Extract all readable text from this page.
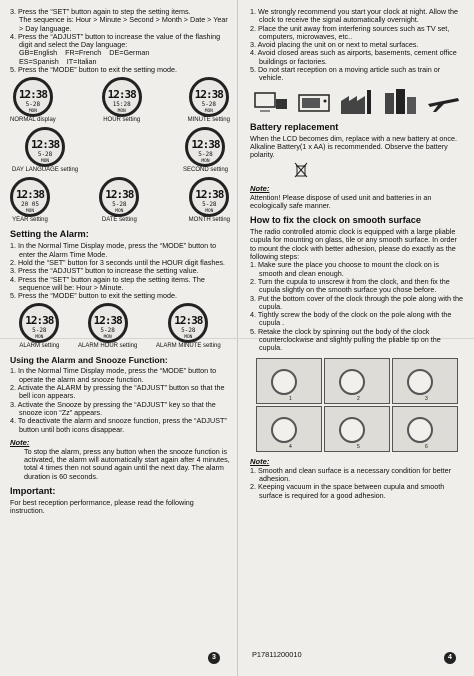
3. Press the “SET” button again to step the setting items.

The sequence is: Hour > Minute > Second > Month > Date > Year > Day language.

4. Press the “ADJUST” button to increase the value of the flashing digit and select the Day language:

GB=English    FR=French    DE=German

ES=Spanish    IT=Italian

5. Press the “MODE” button to exit the setting mode.

12:38
5-28
MON
NORMAL display
12:38
15:28
MON
HOUR setting
12:38
5-28
MON
MINUTE setting
12:38
5-28
MON
DAY LANGUAGE setting
12:38
5-28
MON
SECOND setting
12:38
20 05
MON
YEAR setting
12:38
5-28
MON
DATE setting
12:38
5-28
MON
MONTH setting
Setting the Alarm:

1. In the Normal Time Display mode, press the “MODE” button to enter the Alarm Time Mode.

2. Hold the “SET” button for 3 seconds until the HOUR digit flashes.

3. Press the “ADJUST” button to increase the setting value.

4. Press the “SET” button again to step the setting items. The sequence will be: Hour > Minute.

5. Press the “MODE” button to exit the setting mode.

12:38
5-28
MON
ALARM setting
12:38
5-28
MON
ALARM HOUR setting
12:38
5-28
MON
ALARM MINUTE setting
Using the Alarm and Snooze Function:

1. In the Normal Time Display mode, press the “MODE” button to operate the alarm and snooze function.

2. Activate the ALARM by pressing the “ADJUST” button so that the bell icon appears.

3. Activate the Snooze by pressing the “ADJUST” key so that the snooze icon “Zz” appears.

4. To deactivate the alarm and snooze function, press the “ADJUST” button until both icons disappear.

Note:

To stop the alarm, press any button when the snooze function is activated, the alarm will automatically start again after 4 minutes, total 4 times then not sound again until the next day. The alarm duration is 60 seconds.

Important:

For best reception performance, please read the following instruction.

3

1. We strongly recommend you start your clock at night. Allow the clock to receive the signal automatically overnight.

2. Place the unit away from interfering sources such as TV set, computers, microwaves, etc..

3. Avoid placing the unit on or next to metal surfaces.

4. Avoid closed areas such as airports, basements, cement office buildings or factories.

5. Do not start reception on a moving article such as train or vehicle.

Battery replacement

When the LCD becomes dim, replace with a new battery at once. Alkaline Battery(1 x AA) is recommended. Observe the battery polarity.

Note:

Attention! Please dispose of used unit and batteries in an ecologically safe manner.

How to fix the clock on smooth surface

The radio controlled atomic clock is equipped with a large pliable cupula for mounting on glass, tile or any smooth surface. In order to mount the clock with better adhesion, please do exactly as the following steps:

1. Make sure the place you choose to mount the clock on is smooth and clean enough.

2. Turn the cupula to unscrew it from the clock, and then fix the cupula slightly on the smooth surface you chose before.

3. Put the bottom cover of the clock through the pole along with the cupula.

4. Tightly screw the body of the clock on the pole along with the cupula .

5. Retake the clock by spinning out the body of the clock counterclockwise and slightly pulling the pliable tip on the cupula.

1	2	3
4	5	6
Note:

1. Smooth and clean surface is a necessary condition for better adhesion.

2. Keeping vacuum in the space between cupula and smooth surface is required for a good adhesion.

P17811200010	4
